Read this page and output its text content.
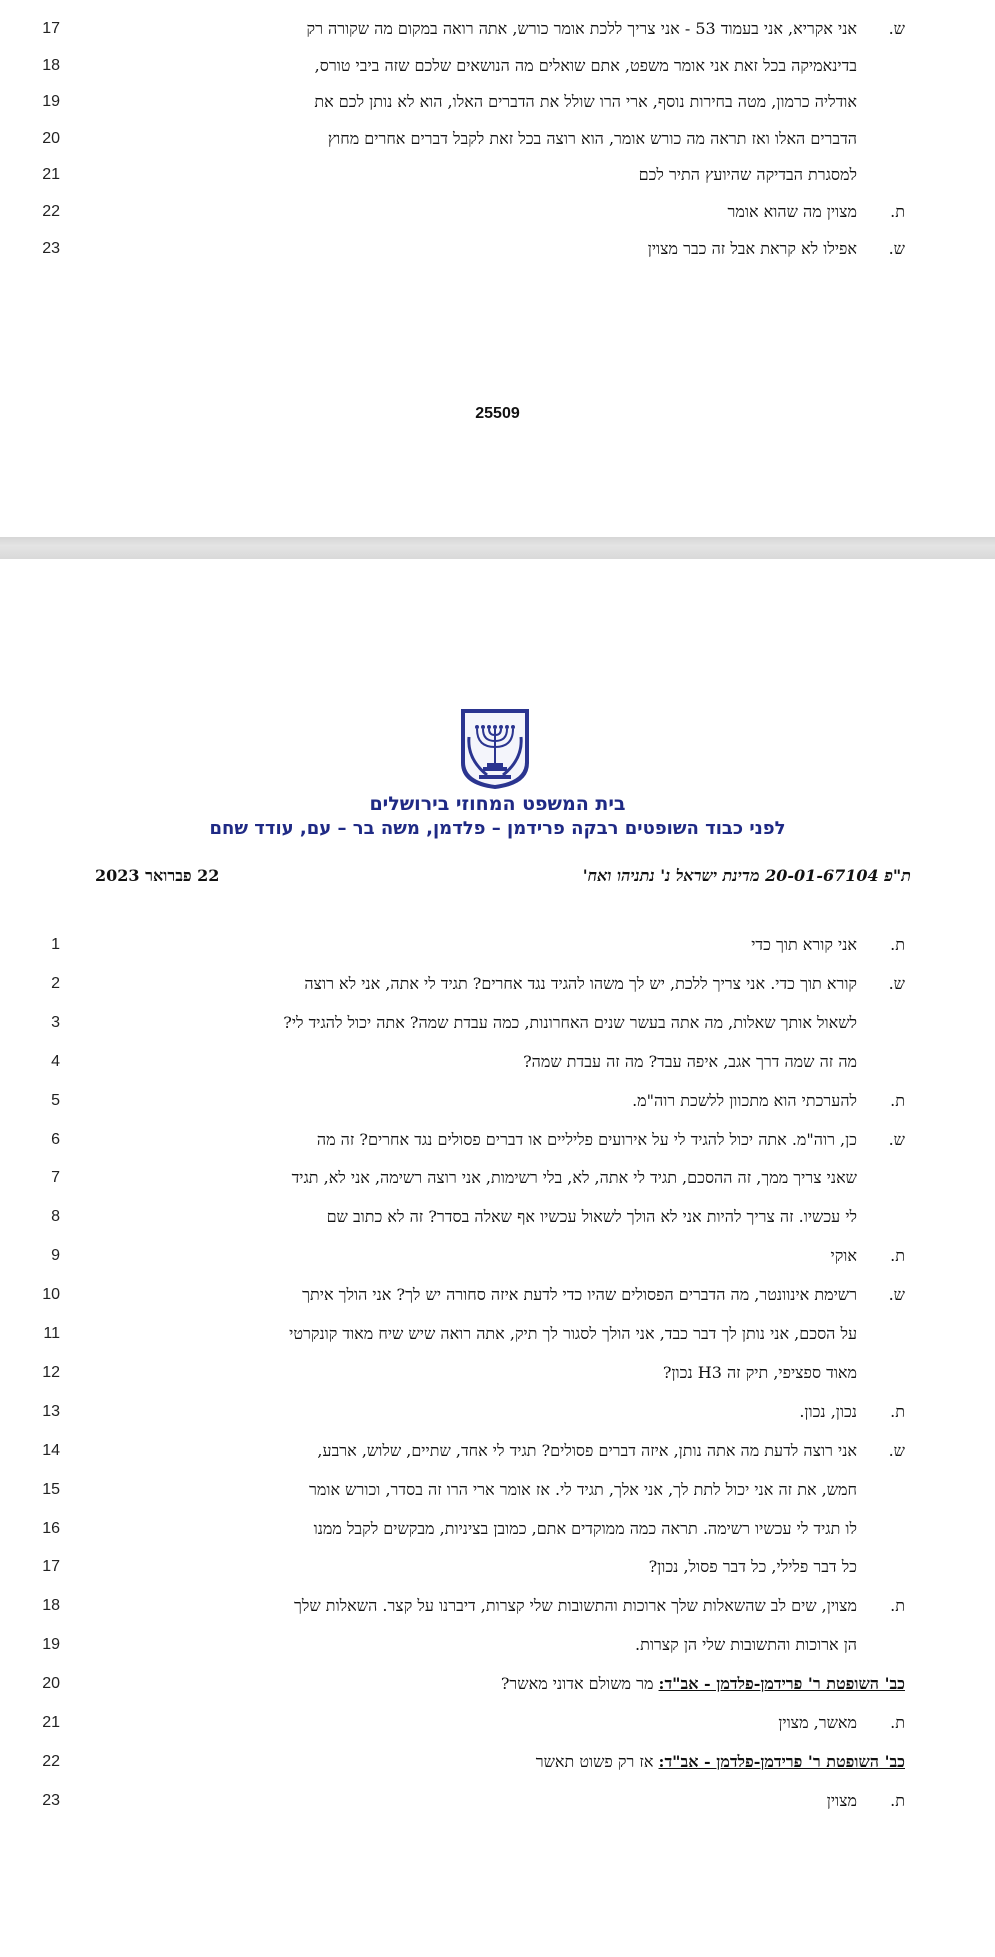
17	ש.
אני אקריא, אני בעמוד 53 - אני צריך ללכת אומר כורש, אתה רואה במקום מה שקורה רק
18	בדינאמיקה בכל זאת אני אומר משפט, אתם שואלים מה הנושאים שלכם שזה ביבי טורס,
19	אודליה כרמון, מטה בחירות נוסף, ארי הרו שולל את הדברים האלו, הוא לא נותן לכם את
20	הדברים האלו ואז תראה מה כורש אומר, הוא רוצה בכל זאת לקבל דברים אחרים מחוץ
21	למסגרת הבדיקה שהיועץ התיר לכם
22	ת.
מצוין מה שהוא אומר
23	ש.
אפילו לא קראת אבל זה כבר מצוין
25509
בית המשפט המחוזי בירושלים
לפני כבוד השופטים רבקה פרידמן – פלדמן, משה בר – עם, עודד שחם
ת"פ 20-01-67104 מדינת ישראל נ' נתניהו ואח'
22 פברואר 2023
1	ת.
אני קורא תוך כדי
2	ש.
קורא תוך כדי. אני צריך ללכת, יש לך משהו להגיד נגד אחרים? תגיד לי אתה, אני לא רוצה
3	לשאול אותך שאלות, מה אתה בעשר שנים האחרונות, כמה עבדת שמה? אתה יכול להגיד לי?
4	מה זה שמה דרך אגב, איפה עבד? מה זה עבדת שמה?
5	ת.
להערכתי הוא מתכוון ללשכת רוה"מ.
6	ש.
כן, רוה"מ. אתה יכול להגיד לי על אירועים פליליים או דברים פסולים נגד אחרים? זה מה
7	שאני צריך ממך, זה ההסכם, תגיד לי אתה, לא, בלי רשימות, אני רוצה רשימה, אני לא, תגיד
8	לי עכשיו. זה צריך להיות אני לא הולך לשאול עכשיו אף שאלה בסדר? זה לא כתוב שם
9	ת.
אוקי
10	ש.
רשימת אינוונטר, מה הדברים הפסולים שהיו כדי לדעת איזה סחורה יש לך? אני הולך איתך
11	על הסכם, אני נותן לך דבר כבד, אני הולך לסגור לך תיק, אתה רואה שיש שיח מאוד קונקרטי
12	מאוד ספציפי, תיק זה H3 נכון?
13	ת.
נכון, נכון.
14	ש.
אני רוצה לדעת מה אתה נותן, איזה דברים פסולים? תגיד לי אחד, שתיים, שלוש, ארבע,
15	חמש, את זה אני יכול לתת לך, אני אלך, תגיד לי. אז אומר ארי הרו זה בסדר, וכורש אומר
16	לו תגיד לי עכשיו רשימה. תראה כמה ממוקדים אתם, כמובן בציניות, מבקשים לקבל ממנו
17	כל דבר פלילי, כל דבר פסול, נכון?
18	ת.
מצוין, שים לב שהשאלות שלך ארוכות והתשובות שלי קצרות, דיברנו על קצר. השאלות שלך
19	הן ארוכות והתשובות שלי הן קצרות.
20	כב' השופטת ר' פרידמן-פלדמן - אב"ד: מר משולם אדוני מאשר?
21	ת.
מאשר, מצוין
22	כב' השופטת ר' פרידמן-פלדמן - אב"ד: אז רק פשוט תאשר
23	ת.
מצוין
